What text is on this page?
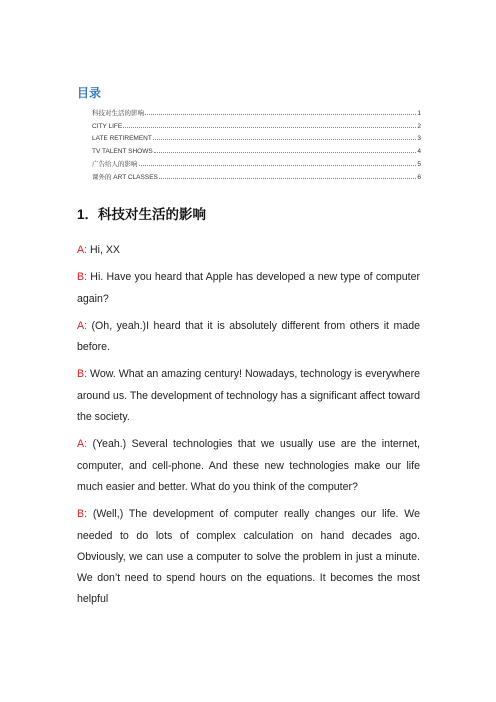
目录
科技对生活的影响	1
CITY LIFE	2
LATE RETIREMENT	3
TV TALENT SHOWS	4
广告给人的影响	5
课外的 ART CLASSES	6
1．科技对生活的影响

A: Hi, XX

B: Hi. Have you heard that Apple has developed a new type of computer again?

A: (Oh, yeah.)I heard that it is absolutely different from others it made before.

B: Wow. What an amazing century! Nowadays, technology is everywhere around us. The development of technology has a significant affect toward the society.

A: (Yeah.) Several technologies that we usually use are the internet, computer, and cell-phone. And these new technologies make our life much easier and better. What do you think of the computer?

B: (Well,) The development of computer really changes our life. We needed to do lots of complex calculation on hand decades ago. Obviously, we can use a computer to solve the problem in just a minute. We don’t need to spend hours on the equations. It becomes the most helpful
